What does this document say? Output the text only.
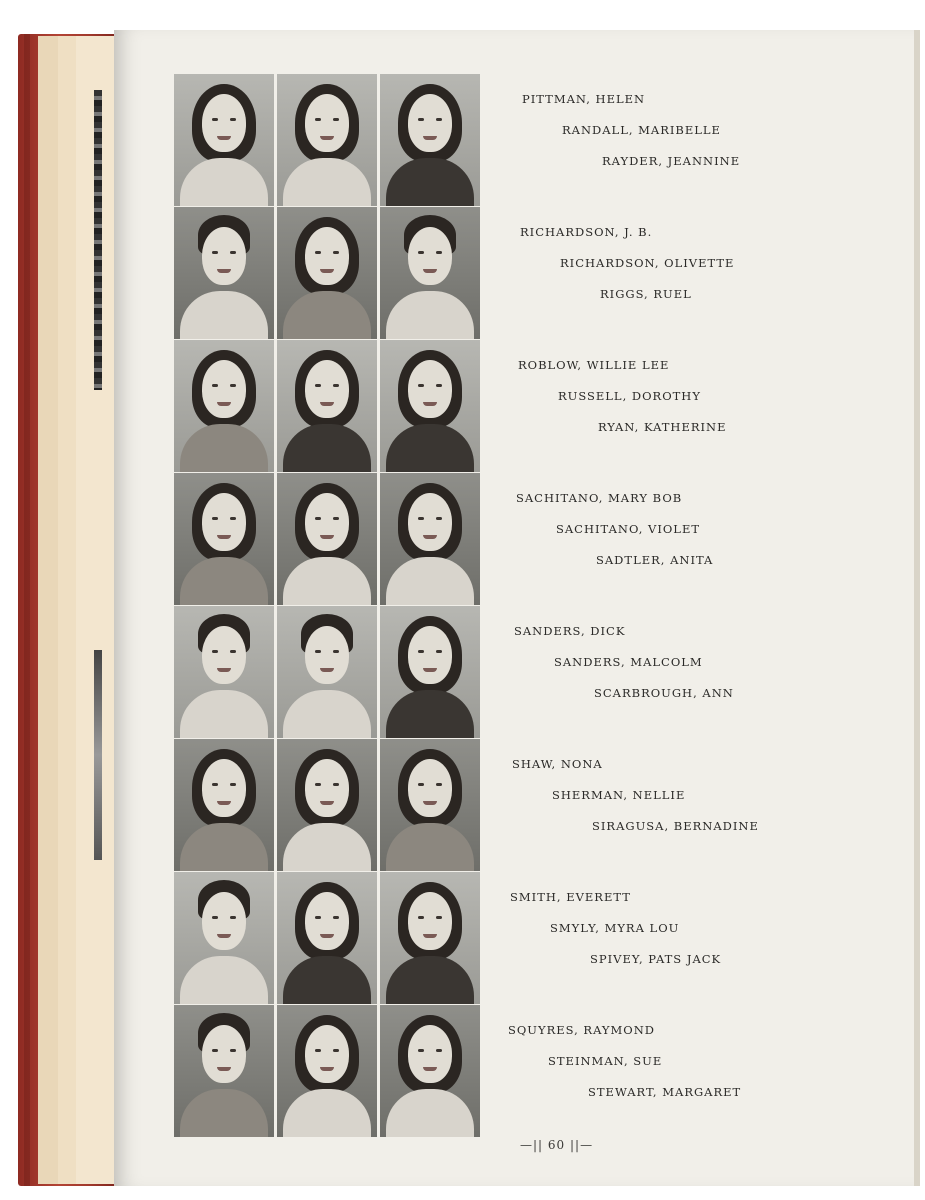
PITTMAN, HELEN
RANDALL, MARIBELLE
RAYDER, JEANNINE
RICHARDSON, J. B.
RICHARDSON, OLIVETTE
RIGGS, RUEL
ROBLOW, WILLIE LEE
RUSSELL, DOROTHY
RYAN, KATHERINE
SACHITANO, MARY BOB
SACHITANO, VIOLET
SADTLER, ANITA
SANDERS, DICK
SANDERS, MALCOLM
SCARBROUGH, ANN
SHAW, NONA
SHERMAN, NELLIE
SIRAGUSA, BERNADINE
SMITH, EVERETT
SMYLY, MYRA LOU
SPIVEY, PATS JACK
SQUYRES, RAYMOND
STEINMAN, SUE
STEWART, MARGARET
—|| 60 ||—
